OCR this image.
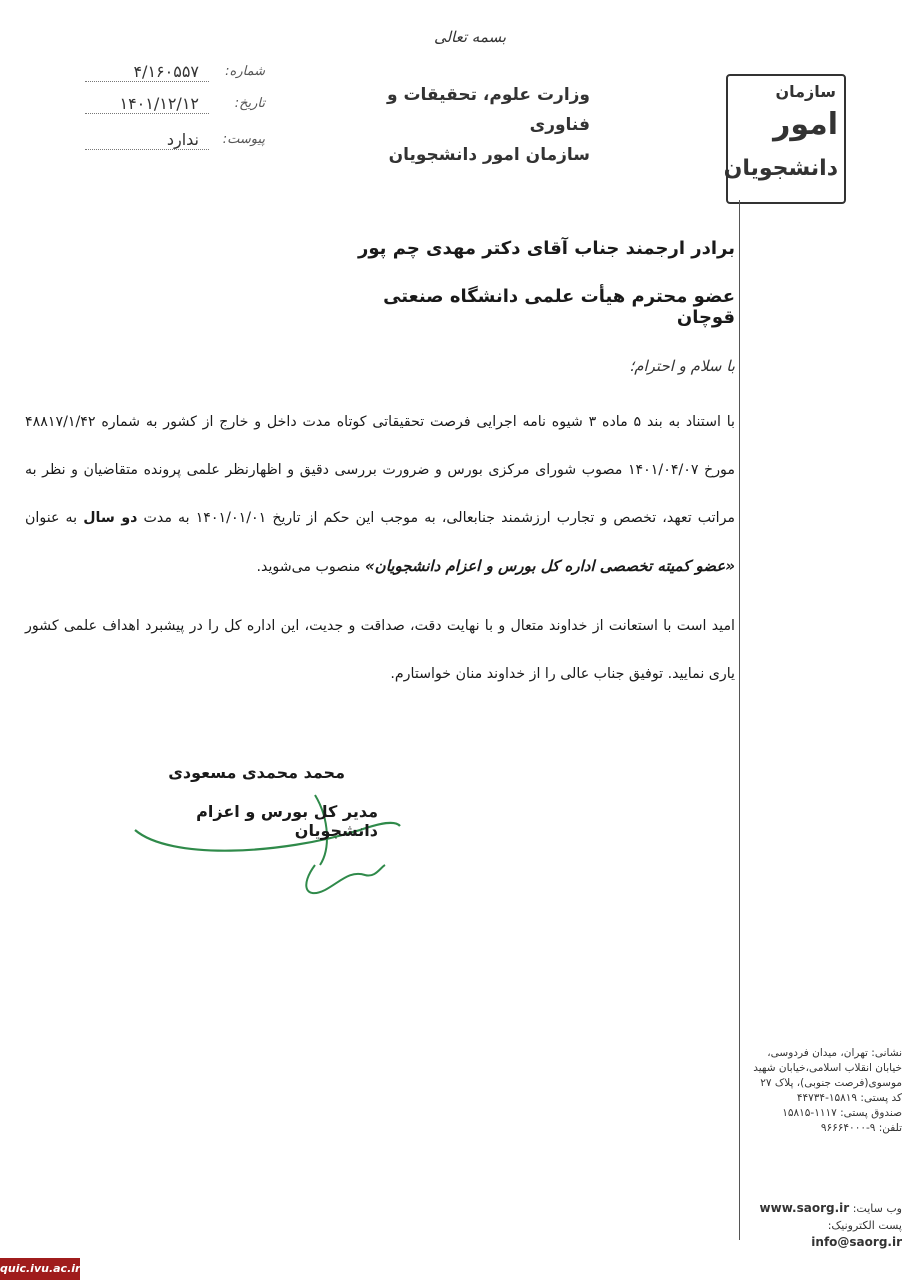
بسمه تعالی
وزارت علوم، تحقیقات و فناوری
سازمان امور دانشجویان
شماره:
۴/۱۶۰۵۵۷
تاریخ:
۱۴۰۱/۱۲/۱۲
پیوست:
ندارد
سازمان
امور
دانشجویان
برادر ارجمند جناب آقای دکتر مهدی چم پور
عضو محترم هیأت علمی دانشگاه صنعتی قوچان
با سلام و احترام؛
با استناد به بند ۵ ماده ۳ شیوه نامه اجرایی فرصت تحقیقاتی کوتاه مدت داخل و خارج از کشور به شماره ۴۸۸۱۷/۱/۴۲ مورخ ۱۴۰۱/۰۴/۰۷ مصوب شورای مرکزی بورس و ضرورت بررسی دقیق و اظهارنظر علمی پرونده متقاضیان و نظر به مراتب تعهد، تخصص و تجارب ارزشمند جنابعالی، به موجب این حکم از تاریخ ۱۴۰۱/۰۱/۰۱ به مدت دو سال به عنوان «عضو کمیته تخصصی اداره کل بورس و اعزام دانشجویان» منصوب می‌شوید.
امید است با استعانت از خداوند متعال و با نهایت دقت، صداقت و جدیت، این اداره کل را در پیشبرد اهداف علمی کشور یاری نمایید. توفیق جناب عالی را از خداوند منان خواستارم.
محمد محمدی مسعودی
مدیر کل بورس و اعزام دانشجویان
نشانی: تهران، میدان فردوسی،
خیابان انقلاب اسلامی،خیابان شهید
موسوی(فرصت جنوبی)، پلاک ۲۷
کد پستی: ۱۵۸۱۹-۴۴۷۳۴
صندوق پستی: ۱۱۱۷-۱۵۸۱۵
تلفن: ۹-۹۶۶۶۴۰۰۰
وب سایت: www.saorg.ir
پست الکترونیک: info@saorg.ir
quic.ivu.ac.ir
